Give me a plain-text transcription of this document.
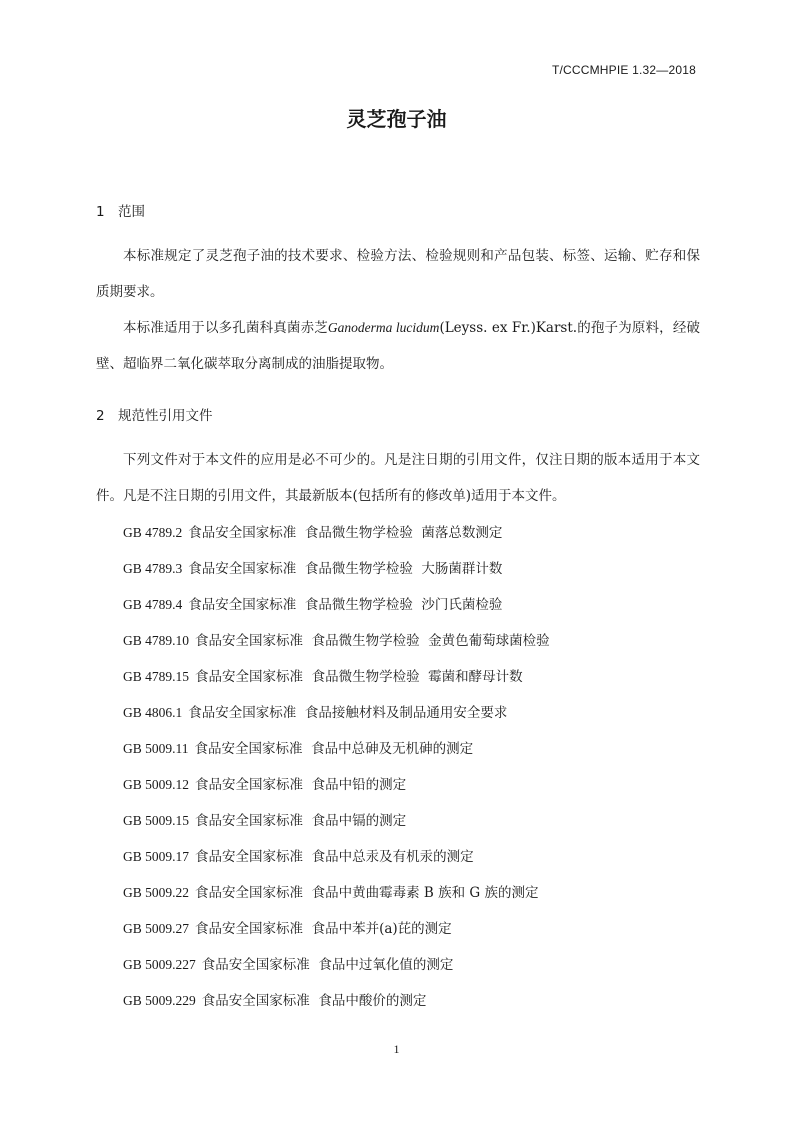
T/CCCMHPIE 1.32—2018
灵芝孢子油
1 范围
本标准规定了灵芝孢子油的技术要求、检验方法、检验规则和产品包装、标签、运输、贮存和保质期要求。
本标准适用于以多孔菌科真菌赤芝Ganoderma lucidum(Leyss. ex Fr.)Karst.的孢子为原料，经破壁、超临界二氧化碳萃取分离制成的油脂提取物。
2 规范性引用文件
下列文件对于本文件的应用是必不可少的。凡是注日期的引用文件，仅注日期的版本适用于本文件。凡是不注日期的引用文件，其最新版本(包括所有的修改单)适用于本文件。
GB 4789.2 食品安全国家标准  食品微生物学检验  菌落总数测定
GB 4789.3 食品安全国家标准  食品微生物学检验  大肠菌群计数
GB 4789.4 食品安全国家标准  食品微生物学检验  沙门氏菌检验
GB 4789.10 食品安全国家标准  食品微生物学检验  金黄色葡萄球菌检验
GB 4789.15 食品安全国家标准  食品微生物学检验  霉菌和酵母计数
GB 4806.1 食品安全国家标准  食品接触材料及制品通用安全要求
GB 5009.11 食品安全国家标准  食品中总砷及无机砷的测定
GB 5009.12 食品安全国家标准  食品中铅的测定
GB 5009.15 食品安全国家标准  食品中镉的测定
GB 5009.17 食品安全国家标准  食品中总汞及有机汞的测定
GB 5009.22 食品安全国家标准  食品中黄曲霉毒素 B 族和 G 族的测定
GB 5009.27 食品安全国家标准  食品中苯并(a)芘的测定
GB 5009.227 食品安全国家标准  食品中过氧化值的测定
GB 5009.229 食品安全国家标准  食品中酸价的测定
1
